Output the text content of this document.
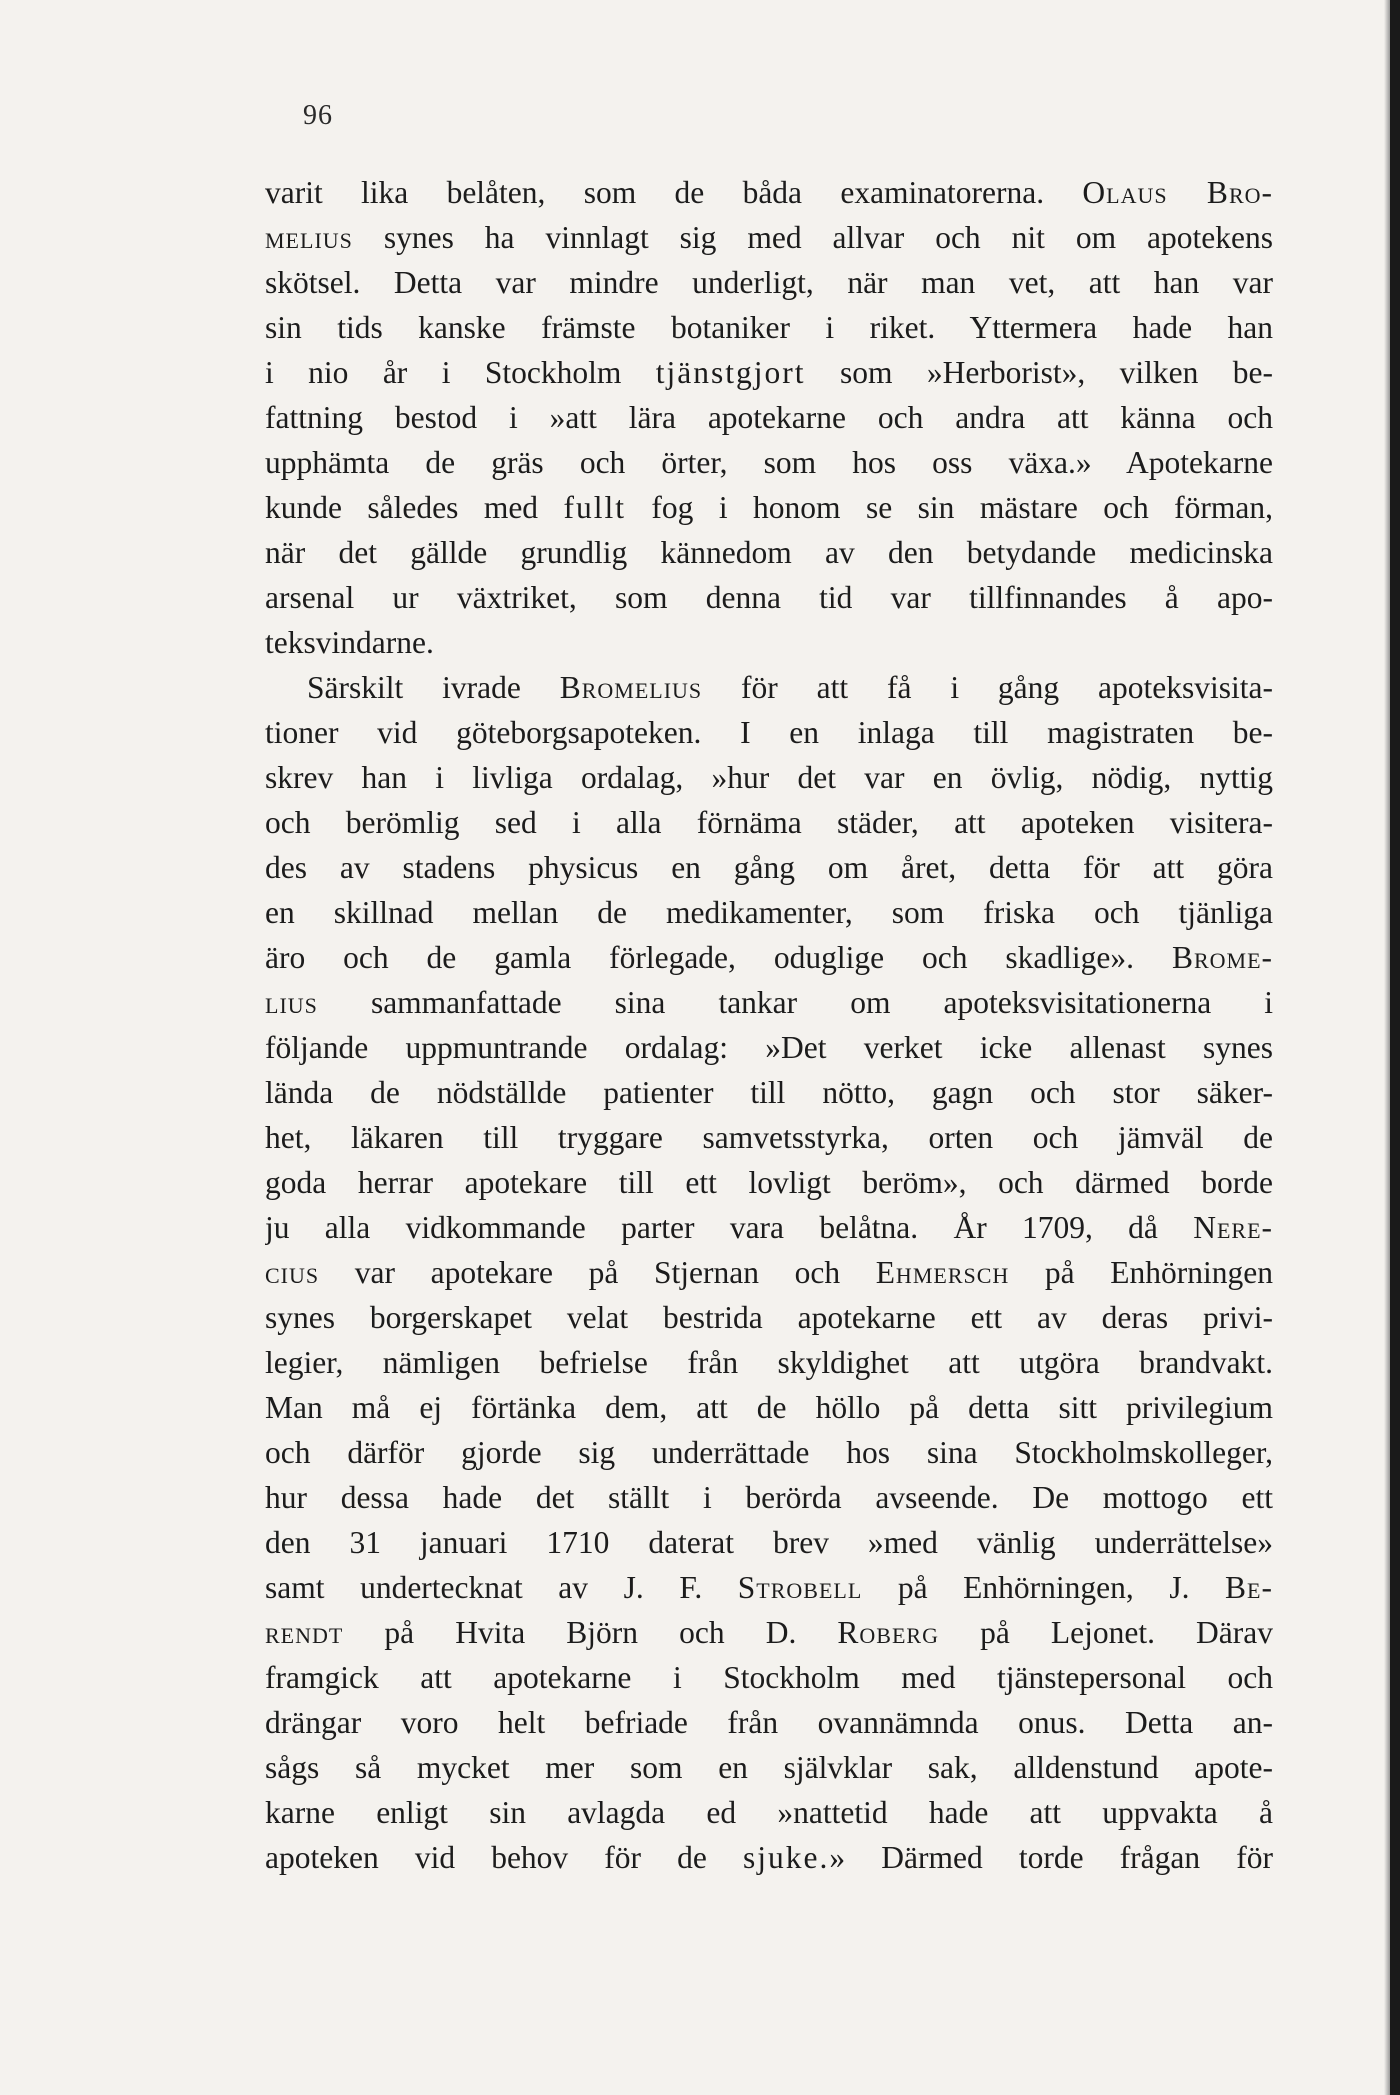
96
varit lika belåten, som de båda examinatorerna. Olaus Bro-
melius synes ha vinnlagt sig med allvar och nit om apotekens
skötsel. Detta var mindre underligt, när man vet, att han var
sin tids kanske främste botaniker i riket. Yttermera hade han
i nio år i Stockholm tjänstgjort som »Herborist», vilken be-
fattning bestod i »att lära apotekarne och andra att känna och
upphämta de gräs och örter, som hos oss växa.» Apotekarne
kunde således med fullt fog i honom se sin mästare och förman,
när det gällde grundlig kännedom av den betydande medicinska
arsenal ur växtriket, som denna tid var tillfinnandes å apo-
teksvindarne.
Särskilt ivrade Bromelius för att få i gång apoteksvisita-
tioner vid göteborgsapoteken. I en inlaga till magistraten be-
skrev han i livliga ordalag, »hur det var en övlig, nödig, nyttig
och berömlig sed i alla förnäma städer, att apoteken visitera-
des av stadens physicus en gång om året, detta för att göra
en skillnad mellan de medikamenter, som friska och tjänliga
äro och de gamla förlegade, oduglige och skadlige». Brome-
lius sammanfattade sina tankar om apoteksvisitationerna i
följande uppmuntrande ordalag: »Det verket icke allenast synes
lända de nödställde patienter till nötto, gagn och stor säker-
het, läkaren till tryggare samvetsstyrka, orten och jämväl de
goda herrar apotekare till ett lovligt beröm», och därmed borde
ju alla vidkommande parter vara belåtna. År 1709, då Nere-
cius var apotekare på Stjernan och Ehmersch på Enhörningen
synes borgerskapet velat bestrida apotekarne ett av deras privi-
legier, nämligen befrielse från skyldighet att utgöra brandvakt.
Man må ej förtänka dem, att de höllo på detta sitt privilegium
och därför gjorde sig underrättade hos sina Stockholmskolleger,
hur dessa hade det ställt i berörda avseende. De mottogo ett
den 31 januari 1710 daterat brev »med vänlig underrättelse»
samt undertecknat av J. F. Strobell på Enhörningen, J. Be-
rendt på Hvita Björn och D. Roberg på Lejonet. Därav
framgick att apotekarne i Stockholm med tjänstepersonal och
drängar voro helt befriade från ovannämnda onus. Detta an-
sågs så mycket mer som en självklar sak, alldenstund apote-
karne enligt sin avlagda ed »nattetid hade att uppvakta å
apoteken vid behov för de sjuke.» Därmed torde frågan för
